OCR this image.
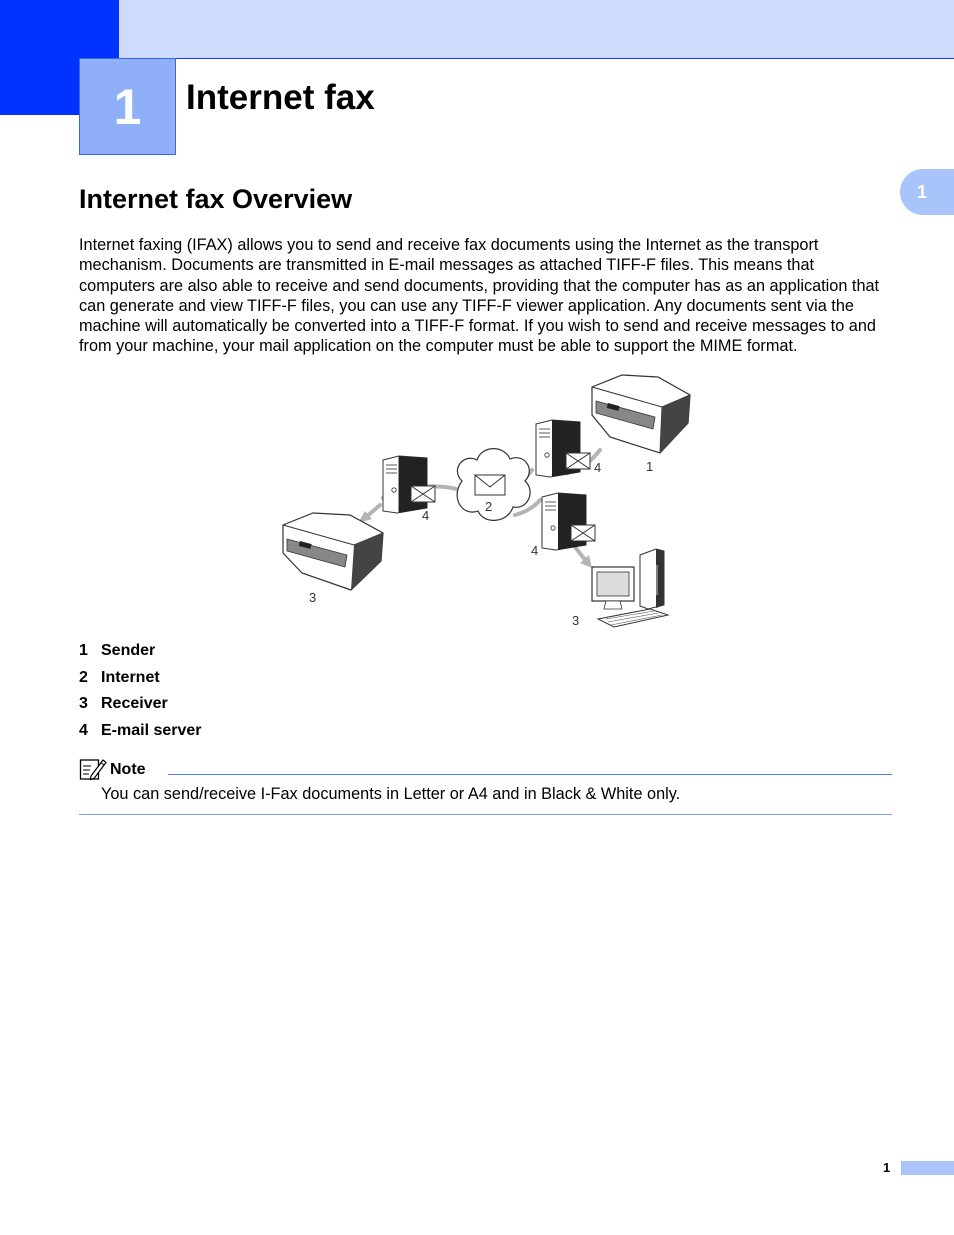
1	Internet fax
1
Internet fax Overview

Internet faxing (IFAX) allows you to send and receive fax documents using the Internet as the transport mechanism. Documents are transmitted in E-mail messages as attached TIFF-F files. This means that computers are also able to receive and send documents, providing that the computer has as an application that can generate and view TIFF-F files, you can use any TIFF-F viewer application. Any documents sent via the machine will automatically be converted into a TIFF-F format. If you wish to send and receive messages to and from your machine, your mail application on the computer must be able to support the MIME format.

1
2
3
3
4
4
4
1 Sender
2 Internet
3 Receiver
4 E-mail server
Note
You can send/receive I-Fax documents in Letter or A4 and in Black & White only.
1
